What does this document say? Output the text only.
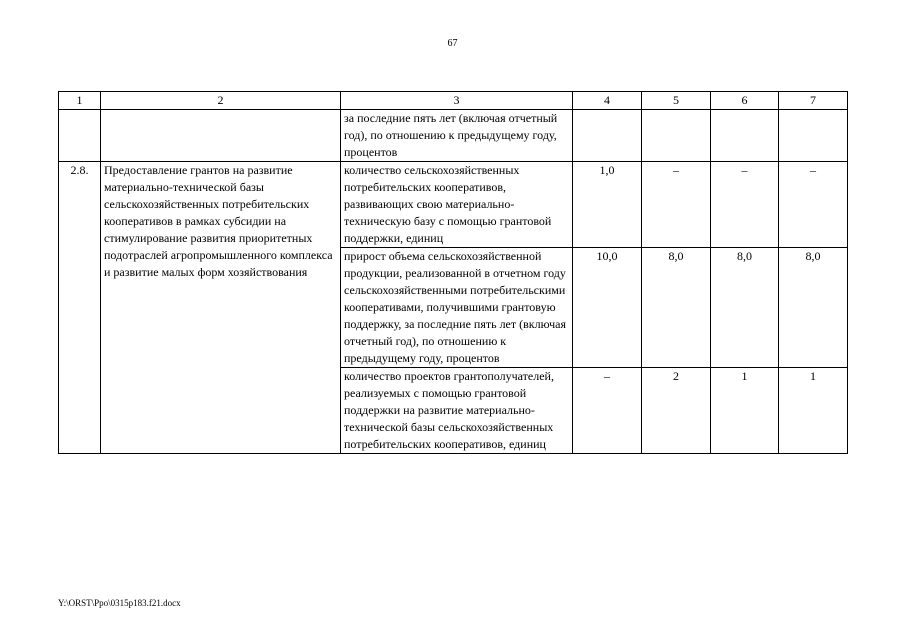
67
1	2	3	4	5	6	7
		за последние пять лет (включая отчетный год), по отношению к предыдущему году, процентов				
2.8.	Предоставление грантов на развитие материально-технической базы сельскохозяйственных потребительских кооперативов в рамках субсидии на стимулирование развития приоритетных подотраслей агропромышленного комплекса и развитие малых форм хозяйствования	количество сельскохозяйственных потребительских кооперативов, развивающих свою материально-техническую базу с помощью грантовой поддержки, единиц	1,0	–	–	–
		прирост объема сельскохозяйственной продукции, реализованной в отчетном году сельскохозяйственными потребительскими кооперативами, получившими грантовую поддержку, за последние пять лет (включая отчетный год), по отношению к предыдущему году, процентов	10,0	8,0	8,0	8,0
		количество проектов грантополучателей, реализуемых с помощью грантовой поддержки на развитие материально-технической базы сельскохозяйственных потребительских кооперативов, единиц	–	2	1	1
Y:\ORST\Ppo\0315p183.f21.docx
